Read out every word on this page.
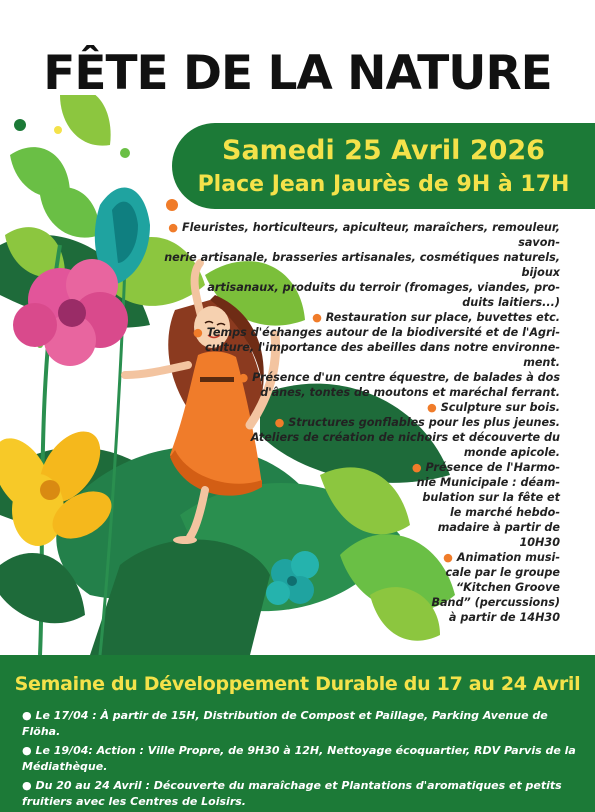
FÊTE DE LA NATURE
Samedi 25 Avril 2026
Place Jean Jaurès de 9H à 17H
● Fleuristes, horticulteurs, apiculteur, maraîchers, remouleur, savon-
nerie artisanale, brasseries artisanales, cosmétiques naturels, bijoux
artisanaux, produits du terroir (fromages, viandes, pro-
duits laitiers...)
● Restauration sur place, buvettes etc.
● Temps d'échanges autour de la biodiversité et de l'Agri-
culture, l'importance des abeilles dans notre environne-
ment.
● Présence d'un centre équestre, de balades à dos
d'ânes, tontes de moutons et maréchal ferrant.
● Sculpture sur bois.
● Structures gonflables pour les plus jeunes.
● Ateliers de création de nichoirs et découverte du
monde apicole.
● Présence de l'Harmo-
nie Municipale : déam-
bulation sur la fête et
le marché hebdo-
madaire à partir de
10H30
● Animation musi-
cale par le groupe
“Kitchen Groove
Band” (percussions)
à partir de 14H30
Semaine du Développement Durable du 17 au 24 Avril
● Le 17/04 : À partir de 15H, Distribution de Compost et Paillage, Parking Avenue de Flöha.
● Le 19/04: Action : Ville Propre, de 9H30 à 12H, Nettoyage écoquartier, RDV Parvis de la Médiathèque.
● Du 20 au 24 Avril : Découverte du maraîchage et Plantations d'aromatiques et petits fruitiers avec les Centres de Loisirs.
